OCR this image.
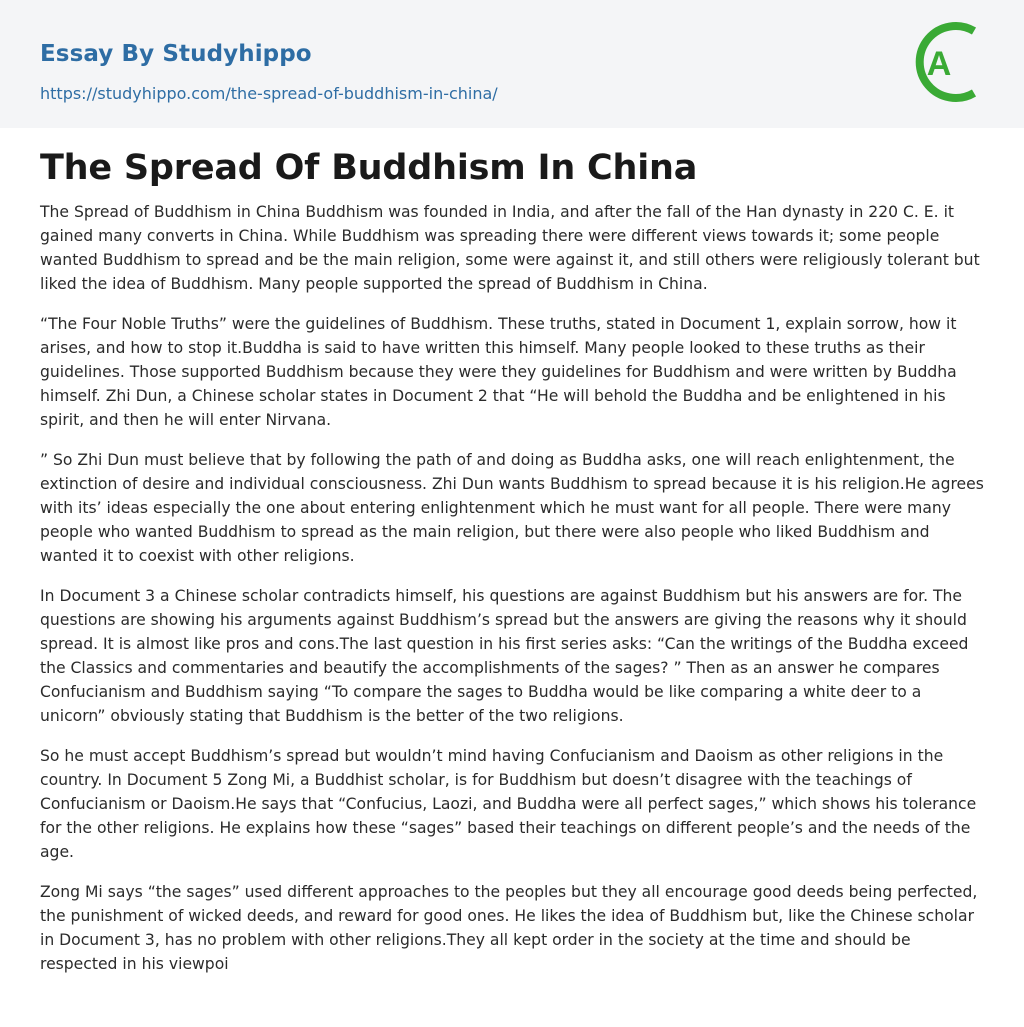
Essay By Studyhippo
https://studyhippo.com/the-spread-of-buddhism-in-china/
A
The Spread Of Buddhism In China

The Spread of Buddhism in China Buddhism was founded in India, and after the fall of the Han dynasty in 220 C. E. it gained many converts in China. While Buddhism was spreading there were different views towards it; some people wanted Buddhism to spread and be the main religion, some were against it, and still others were religiously tolerant but liked the idea of Buddhism. Many people supported the spread of Buddhism in China.

“The Four Noble Truths” were the guidelines of Buddhism. These truths, stated in Document 1, explain sorrow, how it arises, and how to stop it.Buddha is said to have written this himself. Many people looked to these truths as their guidelines. Those supported Buddhism because they were they guidelines for Buddhism and were written by Buddha himself. Zhi Dun, a Chinese scholar states in Document 2 that “He will behold the Buddha and be enlightened in his spirit, and then he will enter Nirvana.

” So Zhi Dun must believe that by following the path of and doing as Buddha asks, one will reach enlightenment, the extinction of desire and individual consciousness. Zhi Dun wants Buddhism to spread because it is his religion.He agrees with its’ ideas especially the one about entering enlightenment which he must want for all people. There were many people who wanted Buddhism to spread as the main religion, but there were also people who liked Buddhism and wanted it to coexist with other religions.

In Document 3 a Chinese scholar contradicts himself, his questions are against Buddhism but his answers are for. The questions are showing his arguments against Buddhism’s spread but the answers are giving the reasons why it should spread. It is almost like pros and cons.The last question in his first series asks: “Can the writings of the Buddha exceed the Classics and commentaries and beautify the accomplishments of the sages? ” Then as an answer he compares Confucianism and Buddhism saying “To compare the sages to Buddha would be like comparing a white deer to a unicorn” obviously stating that Buddhism is the better of the two religions.

So he must accept Buddhism’s spread but wouldn’t mind having Confucianism and Daoism as other religions in the country. In Document 5 Zong Mi, a Buddhist scholar, is for Buddhism but doesn’t disagree with the teachings of Confucianism or Daoism.He says that “Confucius, Laozi, and Buddha were all perfect sages,” which shows his tolerance for the other religions. He explains how these “sages” based their teachings on different people’s and the needs of the age.

Zong Mi says “the sages” used different approaches to the peoples but they all encourage good deeds being perfected, the punishment of wicked deeds, and reward for good ones. He likes the idea of Buddhism but, like the Chinese scholar in Document 3, has no problem with other religions.They all kept order in the society at the time and should be respected in his viewpoi
